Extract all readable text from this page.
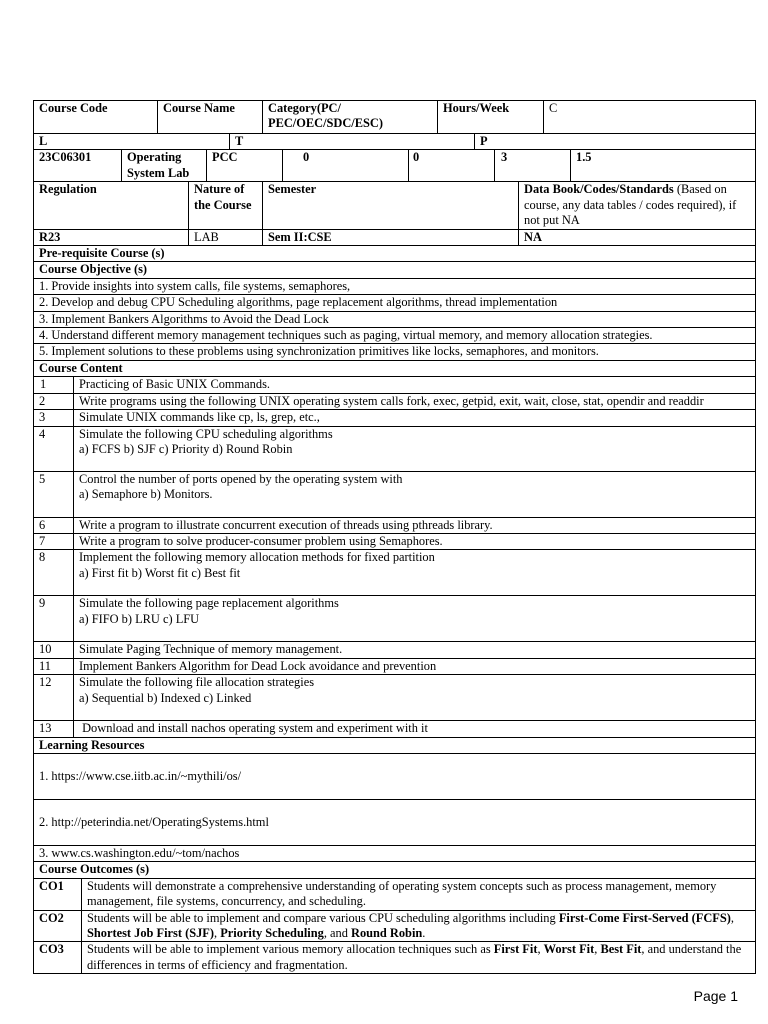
Course Code	Course Name	Category(PC/ PEC/OEC/SDC/ESC)	Hours/Week	C
L	T	P
23C06301	Operating System Lab	PCC	0	0	3	1.5
Regulation	Nature of the Course	Semester	Data Book/Codes/Standards (Based on course, any data tables / codes required), if not put NA
R23	LAB	Sem II:CSE	NA
Pre-requisite Course (s)
Course Objective (s)
1. Provide insights into system calls, file systems, semaphores,
2. Develop and debug CPU Scheduling algorithms, page replacement algorithms, thread implementation
3. Implement Bankers Algorithms to Avoid the Dead Lock
4. Understand different memory management techniques such as paging, virtual memory, and memory allocation strategies.
5. Implement solutions to these problems using synchronization primitives like locks, semaphores, and monitors.
Course Content
1	Practicing of Basic UNIX Commands.
2	Write programs using the following UNIX operating system calls fork, exec, getpid, exit, wait, close, stat, opendir and readdir
3	Simulate UNIX commands like cp, ls, grep, etc.,
4	Simulate the following CPU scheduling algorithms
a) FCFS b) SJF c) Priority d) Round Robin

5	Control the number of ports opened by the operating system with
a) Semaphore b) Monitors.

6	Write a program to illustrate concurrent execution of threads using pthreads library.
7	Write a program to solve producer-consumer problem using Semaphores.
8	Implement the following memory allocation methods for fixed partition
a) First fit b) Worst fit c) Best fit

9	Simulate the following page replacement algorithms
a) FIFO b) LRU c) LFU

10	Simulate Paging Technique of memory management.
11	Implement Bankers Algorithm for Dead Lock avoidance and prevention
12	Simulate the following file allocation strategies
a) Sequential b) Indexed c) Linked

13	Download and install nachos operating system and experiment with it
Learning Resources
1. https://www.cse.iitb.ac.in/~mythili/os/
2. http://peterindia.net/OperatingSystems.html
3. www.cs.washington.edu/~tom/nachos
Course Outcomes (s)
CO1	Students will demonstrate a comprehensive understanding of operating system concepts such as process management, memory management, file systems, concurrency, and scheduling.
CO2	Students will be able to implement and compare various CPU scheduling algorithms including First-Come First-Served (FCFS), Shortest Job First (SJF), Priority Scheduling, and Round Robin.
CO3	Students will be able to implement various memory allocation techniques such as First Fit, Worst Fit, Best Fit, and understand the differences in terms of efficiency and fragmentation.
Page 1
